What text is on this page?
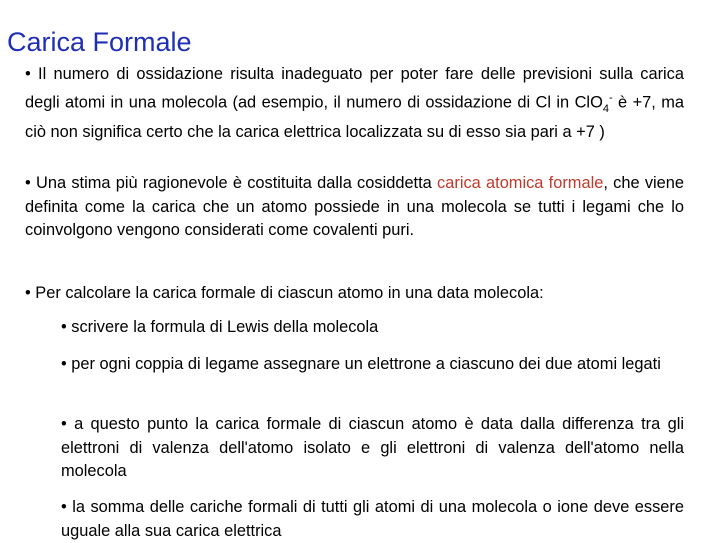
Carica Formale
• Il numero di ossidazione risulta inadeguato per poter fare delle previsioni sulla carica degli atomi in una molecola (ad esempio, il numero di ossidazione di Cl in ClO$_4$- è +7, ma ciò non significa certo che la carica elettrica localizzata su di esso sia pari a +7 )
• Una stima più ragionevole è costituita dalla cosiddetta carica atomica formale, che viene definita come la carica che un atomo possiede in una molecola se tutti i legami che lo coinvolgono vengono considerati come covalenti puri.
• Per calcolare la carica formale di ciascun atomo in una data molecola:
• scrivere la formula di Lewis della molecola
• per ogni coppia di legame assegnare un elettrone a ciascuno dei due atomi legati
• a questo punto la carica formale di ciascun atomo è data dalla differenza tra gli elettroni di valenza dell'atomo isolato e gli elettroni di valenza dell'atomo nella molecola
• la somma delle cariche formali di tutti gli atomi di una molecola o ione deve essere uguale alla sua carica elettrica
